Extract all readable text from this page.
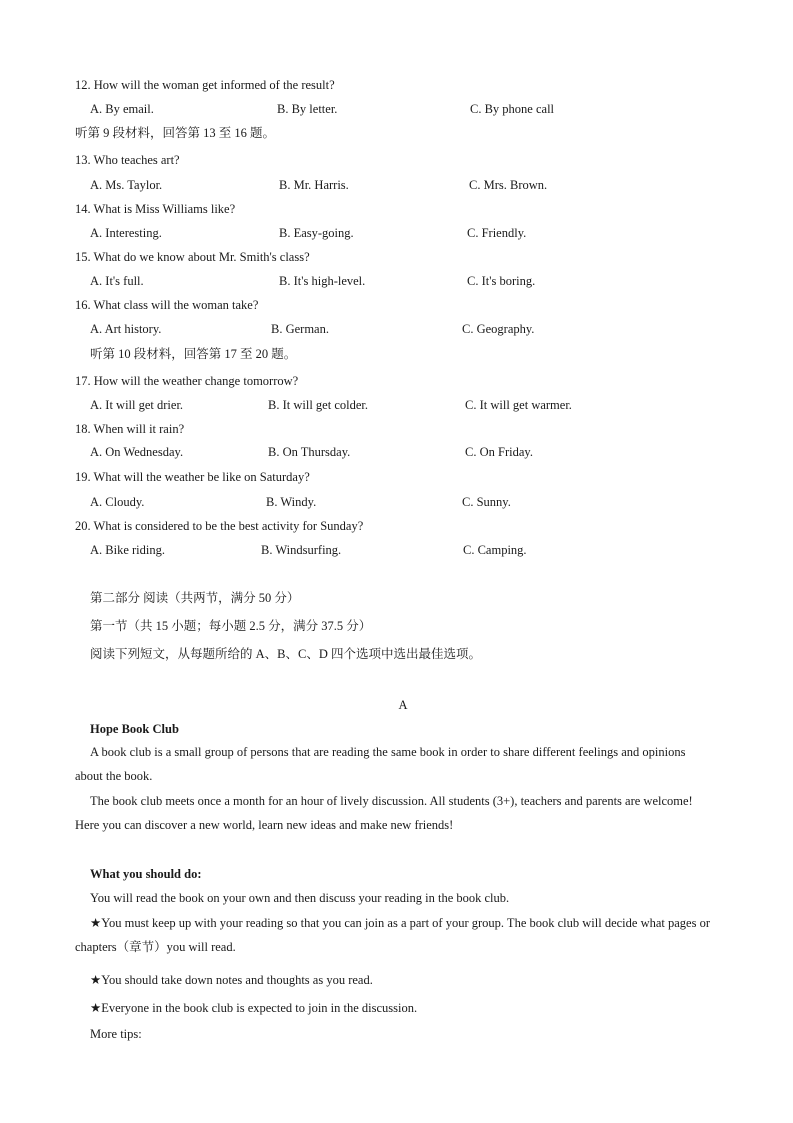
12. How will the woman get informed of the result?
A. By email.	B. By letter.	C. By phone call
听第 9 段材料，回答第 13 至 16 题。
13. Who teaches art?
A. Ms. Taylor.	B. Mr. Harris.	C. Mrs. Brown.
14. What is Miss Williams like?
A. Interesting.	B. Easy-going.	C. Friendly.
15. What do we know about Mr. Smith's class?
A. It's full.	B. It's high-level.	C. It's boring.
16. What class will the woman take?
A. Art history.	B. German.	C. Geography.
听第 10 段材料，回答第 17 至 20 题。
17. How will the weather change tomorrow?
A. It will get drier.	B. It will get colder.	C. It will get warmer.
18. When will it rain?
A. On Wednesday.	B. On Thursday.	C. On Friday.
19. What will the weather be like on Saturday?
A. Cloudy.	B. Windy.	C. Sunny.
20. What is considered to be the best activity for Sunday?
A. Bike riding.	B. Windsurfing.	C. Camping.
第二部分 阅读（共两节，满分 50 分）
第一节（共 15 小题；每小题 2.5 分，满分 37.5 分）
阅读下列短文，从每题所给的 A、B、C、D 四个选项中选出最佳选项。
A
Hope Book Club
A book club is a small group of persons that are reading the same book in order to share different feelings and opinions about the book.
The book club meets once a month for an hour of lively discussion. All students (3+), teachers and parents are welcome! Here you can discover a new world, learn new ideas and make new friends!
What you should do:
You will read the book on your own and then discuss your reading in the book club.
★You must keep up with your reading so that you can join as a part of your group. The book club will decide what pages or chapters（章节）you will read.
★You should take down notes and thoughts as you read.
★Everyone in the book club is expected to join in the discussion.
More tips:
